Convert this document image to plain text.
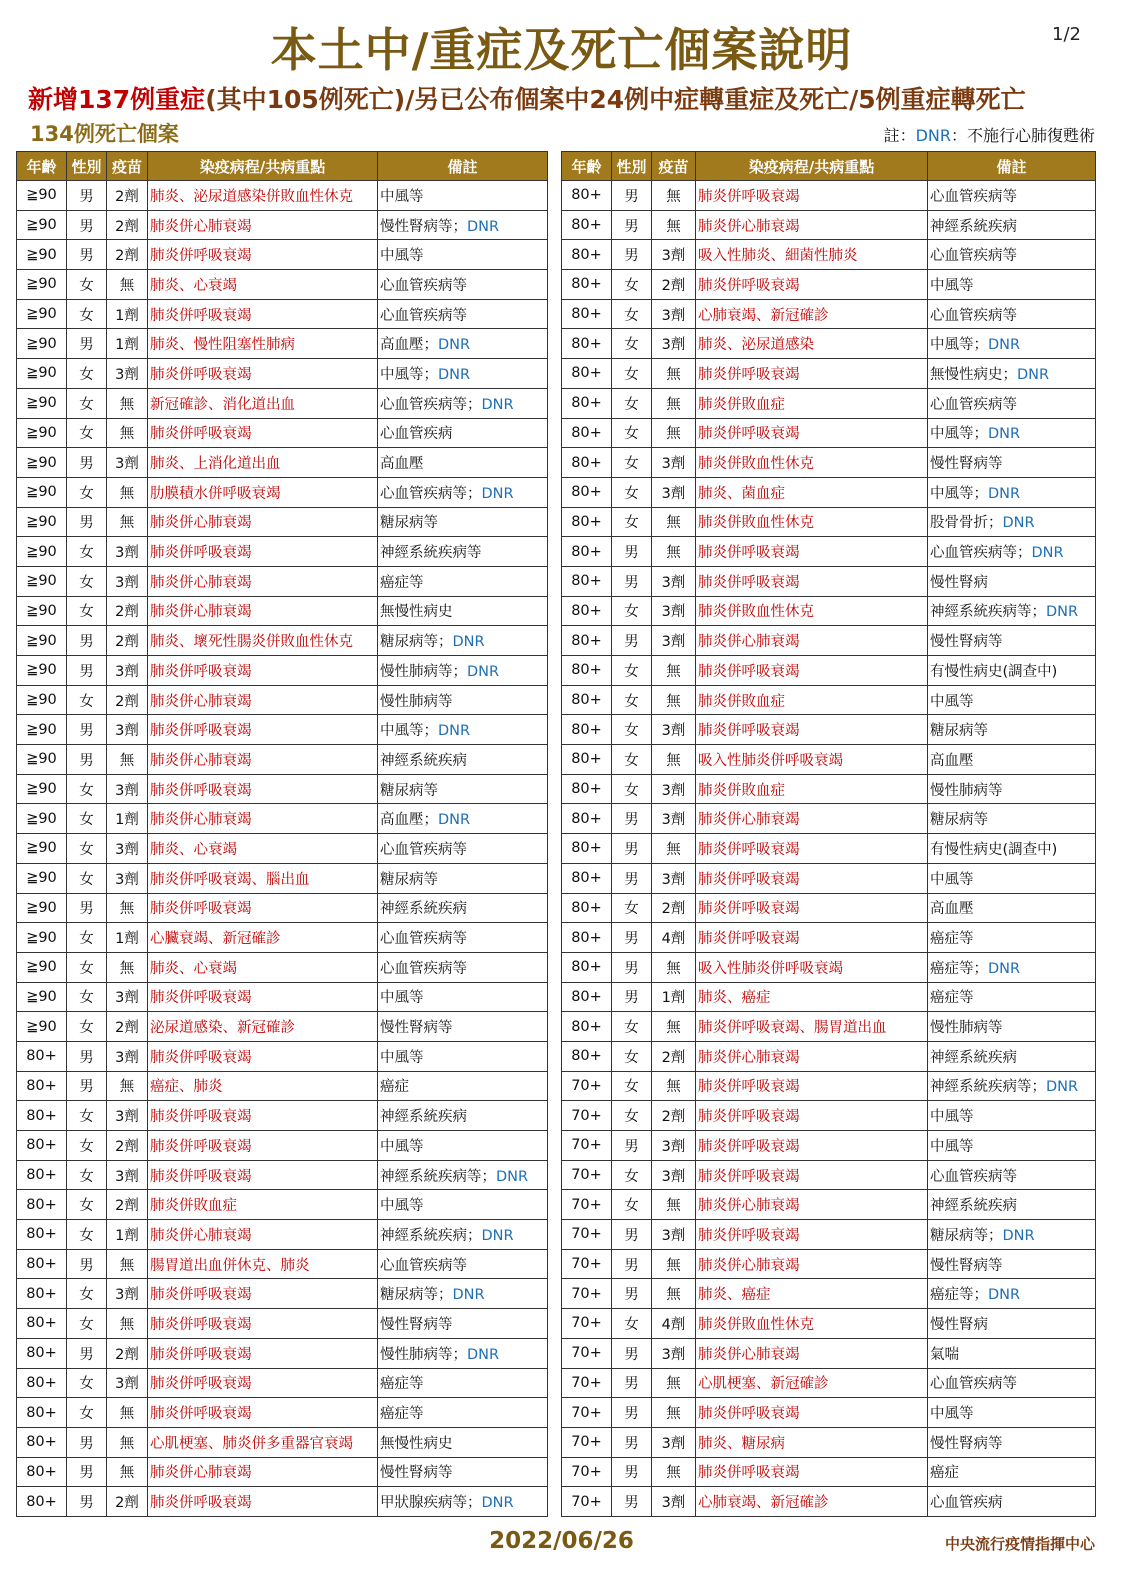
本土中/重症及死亡個案說明	1/2
新增137例重症(其中105例死亡)/另已公布個案中24例中症轉重症及死亡/5例重症轉死亡
134例死亡個案	註：DNR：不施行心肺復甦術
年齡	性別	疫苗	染疫病程/共病重點	備註
≧90	男	2劑	肺炎、泌尿道感染併敗血性休克	中風等
≧90	男	2劑	肺炎併心肺衰竭	慢性腎病等；DNR
≧90	男	2劑	肺炎併呼吸衰竭	中風等
≧90	女	無	肺炎、心衰竭	心血管疾病等
≧90	女	1劑	肺炎併呼吸衰竭	心血管疾病等
≧90	男	1劑	肺炎、慢性阻塞性肺病	高血壓；DNR
≧90	女	3劑	肺炎併呼吸衰竭	中風等；DNR
≧90	女	無	新冠確診、消化道出血	心血管疾病等；DNR
≧90	女	無	肺炎併呼吸衰竭	心血管疾病
≧90	男	3劑	肺炎、上消化道出血	高血壓
≧90	女	無	肋膜積水併呼吸衰竭	心血管疾病等；DNR
≧90	男	無	肺炎併心肺衰竭	糖尿病等
≧90	女	3劑	肺炎併呼吸衰竭	神經系統疾病等
≧90	女	3劑	肺炎併心肺衰竭	癌症等
≧90	女	2劑	肺炎併心肺衰竭	無慢性病史
≧90	男	2劑	肺炎、壞死性腸炎併敗血性休克	糖尿病等；DNR
≧90	男	3劑	肺炎併呼吸衰竭	慢性肺病等；DNR
≧90	女	2劑	肺炎併心肺衰竭	慢性肺病等
≧90	男	3劑	肺炎併呼吸衰竭	中風等；DNR
≧90	男	無	肺炎併心肺衰竭	神經系統疾病
≧90	女	3劑	肺炎併呼吸衰竭	糖尿病等
≧90	女	1劑	肺炎併心肺衰竭	高血壓；DNR
≧90	女	3劑	肺炎、心衰竭	心血管疾病等
≧90	女	3劑	肺炎併呼吸衰竭、腦出血	糖尿病等
≧90	男	無	肺炎併呼吸衰竭	神經系統疾病
≧90	女	1劑	心臟衰竭、新冠確診	心血管疾病等
≧90	女	無	肺炎、心衰竭	心血管疾病等
≧90	女	3劑	肺炎併呼吸衰竭	中風等
≧90	女	2劑	泌尿道感染、新冠確診	慢性腎病等
80+	男	3劑	肺炎併呼吸衰竭	中風等
80+	男	無	癌症、肺炎	癌症
80+	女	3劑	肺炎併呼吸衰竭	神經系統疾病
80+	女	2劑	肺炎併呼吸衰竭	中風等
80+	女	3劑	肺炎併呼吸衰竭	神經系統疾病等；DNR
80+	女	2劑	肺炎併敗血症	中風等
80+	女	1劑	肺炎併心肺衰竭	神經系統疾病；DNR
80+	男	無	腸胃道出血併休克、肺炎	心血管疾病等
80+	女	3劑	肺炎併呼吸衰竭	糖尿病等；DNR
80+	女	無	肺炎併呼吸衰竭	慢性腎病等
80+	男	2劑	肺炎併呼吸衰竭	慢性肺病等；DNR
80+	女	3劑	肺炎併呼吸衰竭	癌症等
80+	女	無	肺炎併呼吸衰竭	癌症等
80+	男	無	心肌梗塞、肺炎併多重器官衰竭	無慢性病史
80+	男	無	肺炎併心肺衰竭	慢性腎病等
80+	男	2劑	肺炎併呼吸衰竭	甲狀腺疾病等；DNR
年齡	性別	疫苗	染疫病程/共病重點	備註
80+	男	無	肺炎併呼吸衰竭	心血管疾病等
80+	男	無	肺炎併心肺衰竭	神經系統疾病
80+	男	3劑	吸入性肺炎、細菌性肺炎	心血管疾病等
80+	女	2劑	肺炎併呼吸衰竭	中風等
80+	女	3劑	心肺衰竭、新冠確診	心血管疾病等
80+	女	3劑	肺炎、泌尿道感染	中風等；DNR
80+	女	無	肺炎併呼吸衰竭	無慢性病史；DNR
80+	女	無	肺炎併敗血症	心血管疾病等
80+	女	無	肺炎併呼吸衰竭	中風等；DNR
80+	女	3劑	肺炎併敗血性休克	慢性腎病等
80+	女	3劑	肺炎、菌血症	中風等；DNR
80+	女	無	肺炎併敗血性休克	股骨骨折；DNR
80+	男	無	肺炎併呼吸衰竭	心血管疾病等；DNR
80+	男	3劑	肺炎併呼吸衰竭	慢性腎病
80+	女	3劑	肺炎併敗血性休克	神經系統疾病等；DNR
80+	男	3劑	肺炎併心肺衰竭	慢性腎病等
80+	女	無	肺炎併呼吸衰竭	有慢性病史(調查中)
80+	女	無	肺炎併敗血症	中風等
80+	女	3劑	肺炎併呼吸衰竭	糖尿病等
80+	女	無	吸入性肺炎併呼吸衰竭	高血壓
80+	女	3劑	肺炎併敗血症	慢性肺病等
80+	男	3劑	肺炎併心肺衰竭	糖尿病等
80+	男	無	肺炎併呼吸衰竭	有慢性病史(調查中)
80+	男	3劑	肺炎併呼吸衰竭	中風等
80+	女	2劑	肺炎併呼吸衰竭	高血壓
80+	男	4劑	肺炎併呼吸衰竭	癌症等
80+	男	無	吸入性肺炎併呼吸衰竭	癌症等；DNR
80+	男	1劑	肺炎、癌症	癌症等
80+	女	無	肺炎併呼吸衰竭、腸胃道出血	慢性肺病等
80+	女	2劑	肺炎併心肺衰竭	神經系統疾病
70+	女	無	肺炎併呼吸衰竭	神經系統疾病等；DNR
70+	女	2劑	肺炎併呼吸衰竭	中風等
70+	男	3劑	肺炎併呼吸衰竭	中風等
70+	女	3劑	肺炎併呼吸衰竭	心血管疾病等
70+	女	無	肺炎併心肺衰竭	神經系統疾病
70+	男	3劑	肺炎併呼吸衰竭	糖尿病等；DNR
70+	男	無	肺炎併心肺衰竭	慢性腎病等
70+	男	無	肺炎、癌症	癌症等；DNR
70+	女	4劑	肺炎併敗血性休克	慢性腎病
70+	男	3劑	肺炎併心肺衰竭	氣喘
70+	男	無	心肌梗塞、新冠確診	心血管疾病等
70+	男	無	肺炎併呼吸衰竭	中風等
70+	男	3劑	肺炎、糖尿病	慢性腎病等
70+	男	無	肺炎併呼吸衰竭	癌症
70+	男	3劑	心肺衰竭、新冠確診	心血管疾病
2022/06/26	中央流行疫情指揮中心
